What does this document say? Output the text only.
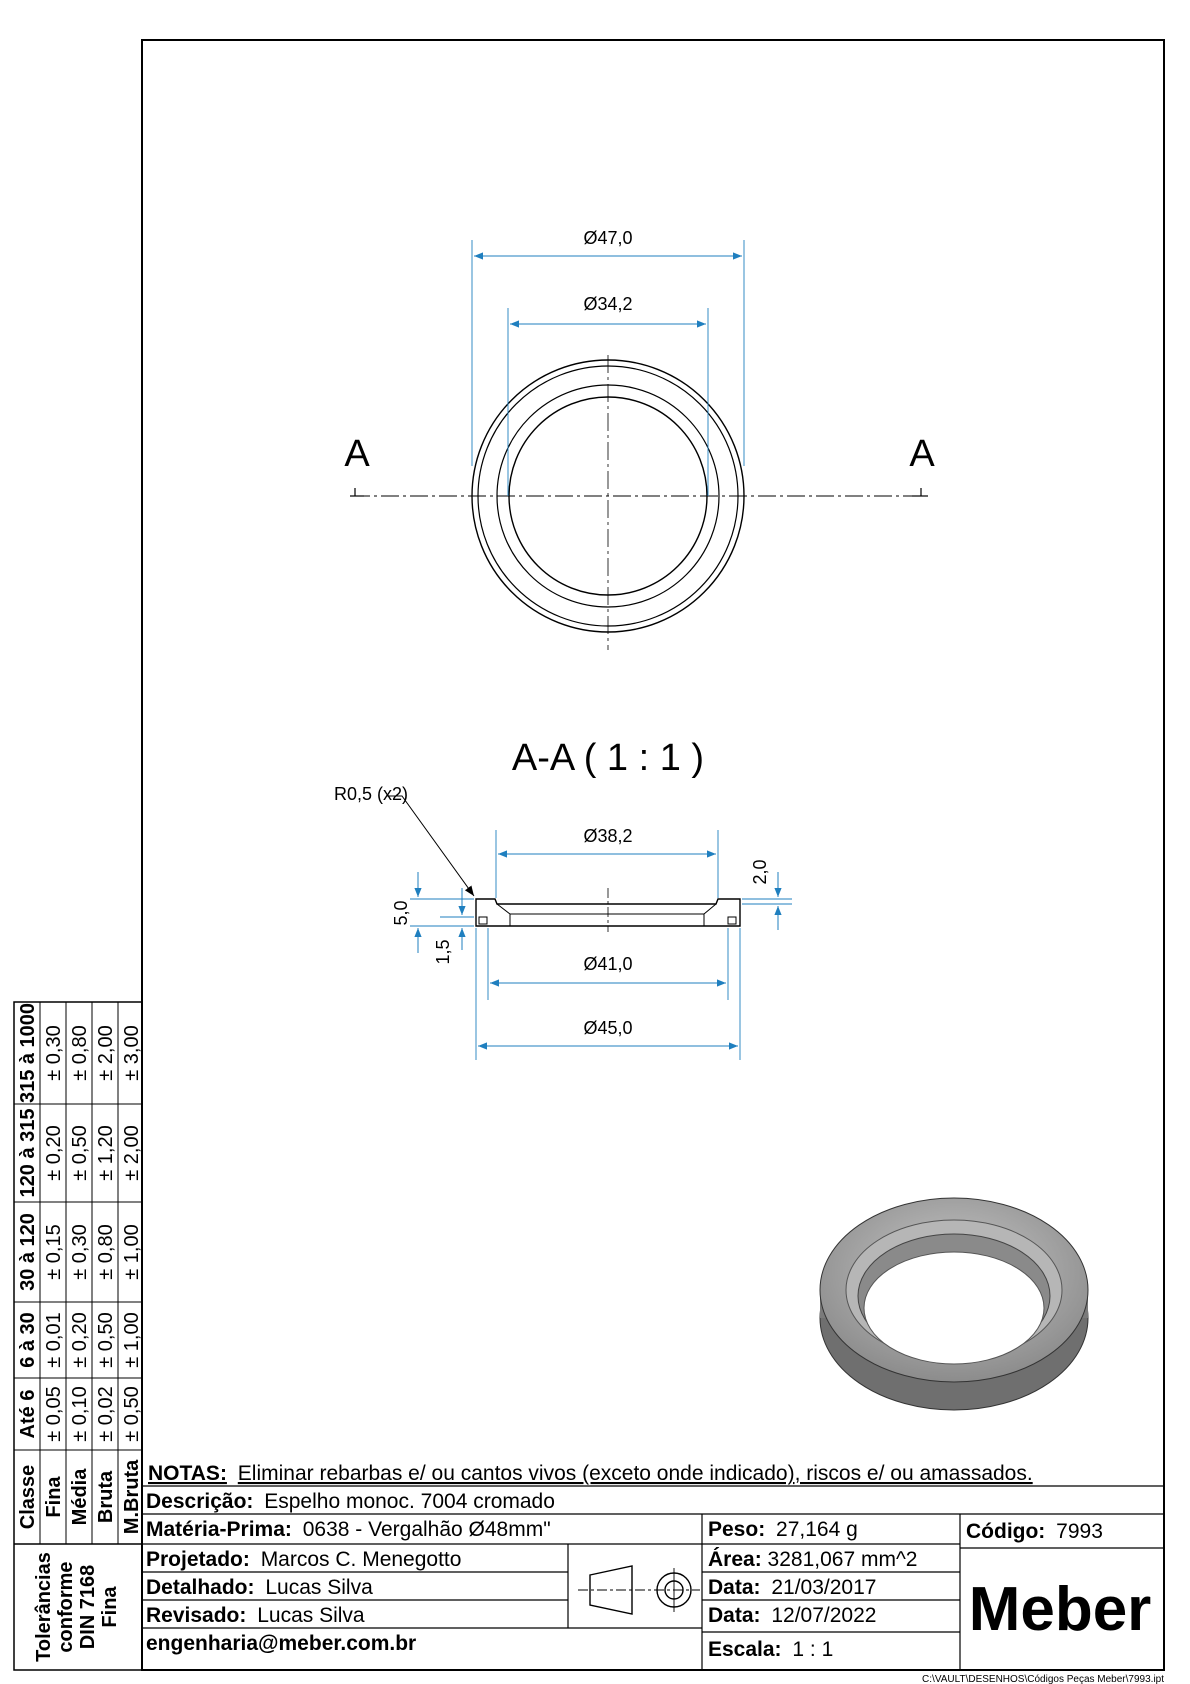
A	A
Ø47,0
Ø34,2
A-A ( 1 : 1 )
R0,5 (x2)
Ø38,2
Ø41,0
Ø45,0
5,0
1,5
2,0
Classe Fina Média Bruta M.Bruta
Até 6 ± 0,05 ± 0,10 ± 0,02 ± 0,50
6 à 30 ± 0,01 ± 0,20 ± 0,50 ± 1,00
30 à 120 ± 0,15 ± 0,30 ± 0,80 ± 1,00
120 à 315 ± 0,20 ± 0,50 ± 1,20 ± 2,00
315 à 1000 ± 0,30 ± 0,80 ± 2,00 ± 3,00
Tolerâncias conforme DIN 7168 Fina
NOTAS: Eliminar rebarbas e/ ou cantos vivos (exceto onde indicado), riscos e/ ou amassados.
Descrição: Espelho monoc. 7004 cromado
Matéria-Prima: 0638 - Vergalhão Ø48mm"	Peso: 27,164 g	Código: 7993
Projetado: Marcos C. Menegotto
Detalhado: Lucas Silva
Revisado: Lucas Silva
engenharia@meber.com.br
Área: 3281,067 mm^2
Data: 21/03/2017
Data: 12/07/2022
Escala: 1 : 1
Meber
C:\VAULT\DESENHOS\Códigos Peças Meber\7993.ipt
